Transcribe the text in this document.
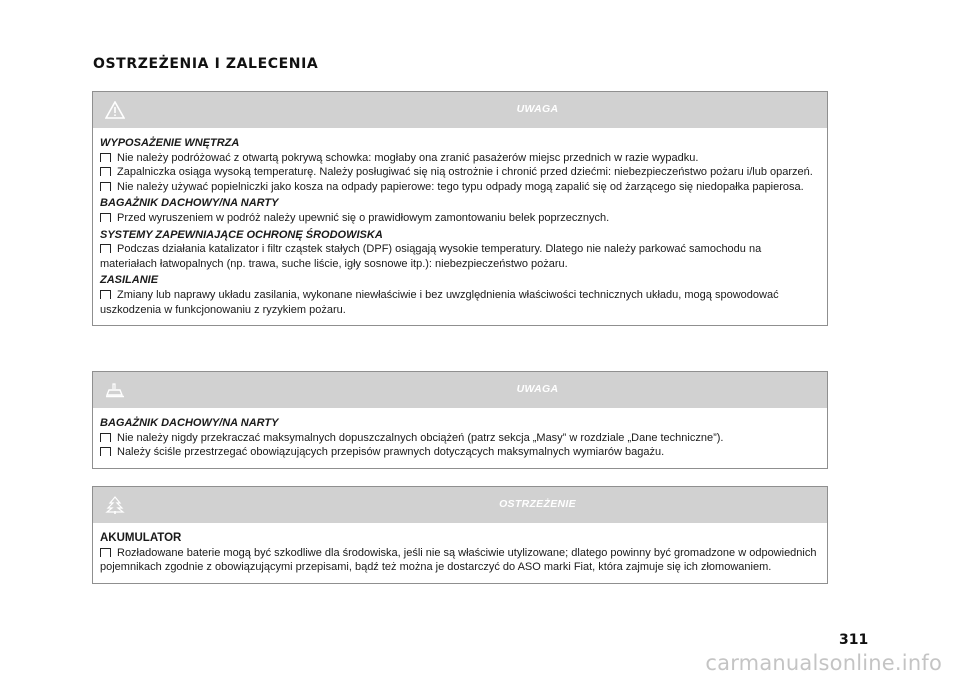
OSTRZEŻENIA I ZALECENIA
UWAGA
WYPOSAŻENIE WNĘTRZA

Nie należy podróżować z otwartą pokrywą schowka: mogłaby ona zranić pasażerów miejsc przednich w razie wypadku.

Zapalniczka osiąga wysoką temperaturę. Należy posługiwać się nią ostrożnie i chronić przed dziećmi: niebezpieczeństwo pożaru i/lub oparzeń.

Nie należy używać popielniczki jako kosza na odpady papierowe: tego typu odpady mogą zapalić się od żarzącego się niedopałka papierosa.

BAGAŻNIK DACHOWY/NA NARTY

Przed wyruszeniem w podróż należy upewnić się o prawidłowym zamontowaniu belek poprzecznych.

SYSTEMY ZAPEWNIAJĄCE OCHRONĘ ŚRODOWISKA

Podczas działania katalizator i filtr cząstek stałych (DPF) osiągają wysokie temperatury. Dlatego nie należy parkować samochodu na materiałach łatwopalnych (np. trawa, suche liście, igły sosnowe itp.): niebezpieczeństwo pożaru.

ZASILANIE

Zmiany lub naprawy układu zasilania, wykonane niewłaściwie i bez uwzględnienia właściwości technicznych układu, mogą spowodować uszkodzenia w funkcjonowaniu z ryzykiem pożaru.

UWAGA
BAGAŻNIK DACHOWY/NA NARTY

Nie należy nigdy przekraczać maksymalnych dopuszczalnych obciążeń (patrz sekcja „Masy” w rozdziale „Dane techniczne”).

Należy ściśle przestrzegać obowiązujących przepisów prawnych dotyczących maksymalnych wymiarów bagażu.

OSTRZEŻENIE
AKUMULATOR

Rozładowane baterie mogą być szkodliwe dla środowiska, jeśli nie są właściwie utylizowane; dlatego powinny być gromadzone w odpowiednich pojemnikach zgodnie z obowiązującymi przepisami, bądź też można je dostarczyć do ASO marki Fiat, która zajmuje się ich złomowaniem.

311
carmanualsonline.info
